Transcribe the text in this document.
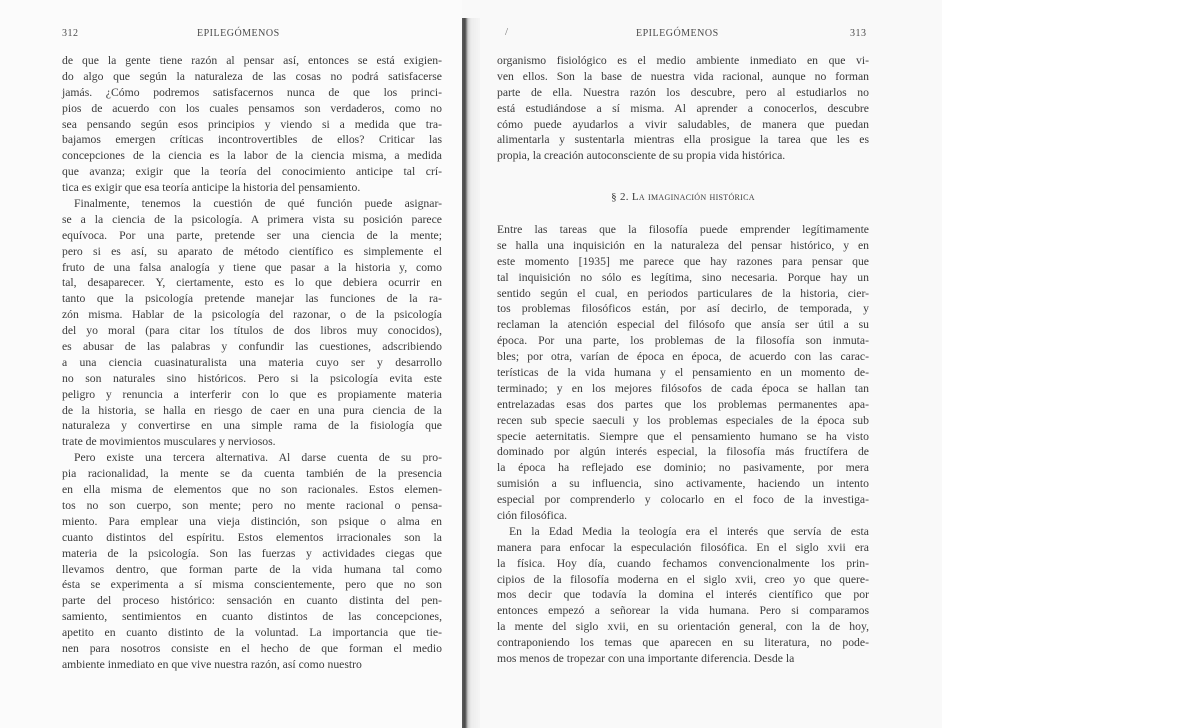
312	EPILEGÓMENOS	/	EPILEGÓMENOS	313
de que la gente tiene razón al pensar así, entonces se está exigien-
do algo que según la naturaleza de las cosas no podrá satisfacerse
jamás. ¿Cómo podremos satisfacernos nunca de que los princi-
pios de acuerdo con los cuales pensamos son verdaderos, como no
sea pensando según esos principios y viendo si a medida que tra-
bajamos emergen críticas incontrovertibles de ellos? Criticar las
concepciones de la ciencia es la labor de la ciencia misma, a medida
que avanza; exigir que la teoría del conocimiento anticipe tal crí-
tica es exigir que esa teoría anticipe la historia del pensamiento.
Finalmente, tenemos la cuestión de qué función puede asignar-
se a la ciencia de la psicología. A primera vista su posición parece
equívoca. Por una parte, pretende ser una ciencia de la mente;
pero si es así, su aparato de método científico es simplemente el
fruto de una falsa analogía y tiene que pasar a la historia y, como
tal, desaparecer. Y, ciertamente, esto es lo que debiera ocurrir en
tanto que la psicología pretende manejar las funciones de la ra-
zón misma. Hablar de la psicología del razonar, o de la psicología
del yo moral (para citar los títulos de dos libros muy conocidos),
es abusar de las palabras y confundir las cuestiones, adscribiendo
a una ciencia cuasinaturalista una materia cuyo ser y desarrollo
no son naturales sino históricos. Pero si la psicología evita este
peligro y renuncia a interferir con lo que es propiamente materia
de la historia, se halla en riesgo de caer en una pura ciencia de la
naturaleza y convertirse en una simple rama de la fisiología que
trate de movimientos musculares y nerviosos.
Pero existe una tercera alternativa. Al darse cuenta de su pro-
pia racionalidad, la mente se da cuenta también de la presencia
en ella misma de elementos que no son racionales. Estos elemen-
tos no son cuerpo, son mente; pero no mente racional o pensa-
miento. Para emplear una vieja distinción, son psique o alma en
cuanto distintos del espíritu. Estos elementos irracionales son la
materia de la psicología. Son las fuerzas y actividades ciegas que
llevamos dentro, que forman parte de la vida humana tal como
ésta se experimenta a sí misma conscientemente, pero que no son
parte del proceso histórico: sensación en cuanto distinta del pen-
samiento, sentimientos en cuanto distintos de las concepciones,
apetito en cuanto distinto de la voluntad. La importancia que tie-
nen para nosotros consiste en el hecho de que forman el medio
ambiente inmediato en que vive nuestra razón, así como nuestro
organismo fisiológico es el medio ambiente inmediato en que vi-
ven ellos. Son la base de nuestra vida racional, aunque no forman
parte de ella. Nuestra razón los descubre, pero al estudiarlos no
está estudiándose a sí misma. Al aprender a conocerlos, descubre
cómo puede ayudarlos a vivir saludables, de manera que puedan
alimentarla y sustentarla mientras ella prosigue la tarea que les es
propia, la creación autoconsciente de su propia vida histórica.
§ 2. La imaginación histórica
Entre las tareas que la filosofía puede emprender legítimamente
se halla una inquisición en la naturaleza del pensar histórico, y en
este momento [1935] me parece que hay razones para pensar que
tal inquisición no sólo es legítima, sino necesaria. Porque hay un
sentido según el cual, en periodos particulares de la historia, cier-
tos problemas filosóficos están, por así decirlo, de temporada, y
reclaman la atención especial del filósofo que ansía ser útil a su
época. Por una parte, los problemas de la filosofía son inmuta-
bles; por otra, varían de época en época, de acuerdo con las carac-
terísticas de la vida humana y el pensamiento en un momento de-
terminado; y en los mejores filósofos de cada época se hallan tan
entrelazadas esas dos partes que los problemas permanentes apa-
recen sub specie saeculi y los problemas especiales de la época sub
specie aeternitatis. Siempre que el pensamiento humano se ha visto
dominado por algún interés especial, la filosofía más fructífera de
la época ha reflejado ese dominio; no pasivamente, por mera
sumisión a su influencia, sino activamente, haciendo un intento
especial por comprenderlo y colocarlo en el foco de la investiga-
ción filosófica.
En la Edad Media la teología era el interés que servía de esta
manera para enfocar la especulación filosófica. En el siglo xvii era
la física. Hoy día, cuando fechamos convencionalmente los prin-
cipios de la filosofía moderna en el siglo xvii, creo yo que quere-
mos decir que todavía la domina el interés científico que por
entonces empezó a señorear la vida humana. Pero si comparamos
la mente del siglo xvii, en su orientación general, con la de hoy,
contraponiendo los temas que aparecen en su literatura, no pode-
mos menos de tropezar con una importante diferencia. Desde la
